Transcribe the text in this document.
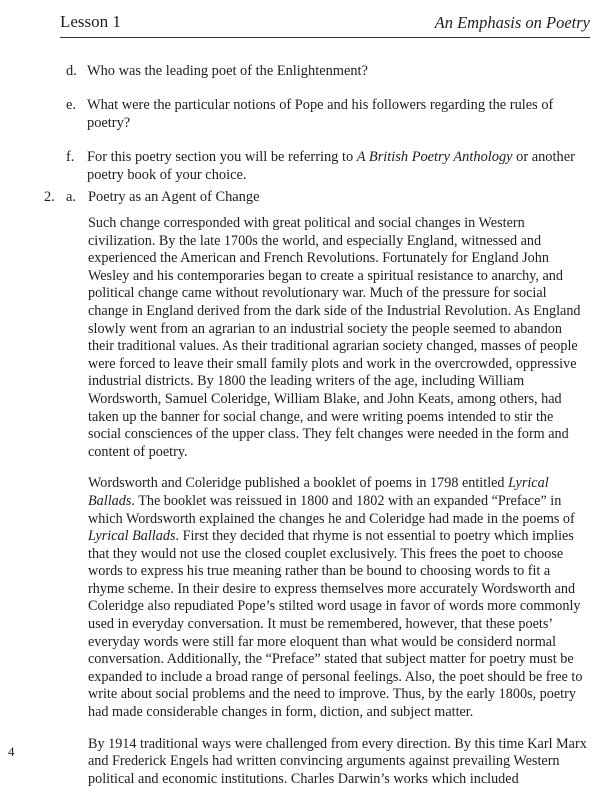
Lesson 1	An Emphasis on Poetry
d. Who was the leading poet of the Enlightenment?
e. What were the particular notions of Pope and his followers regarding the rules of poetry?
f. For this poetry section you will be referring to A British Poetry Anthology or another poetry book of your choice.
2. a. Poetry as an Agent of Change

Such change corresponded with great political and social changes in Western civilization. By the late 1700s the world, and especially England, witnessed and experienced the American and French Revolutions. Fortunately for England John Wesley and his contemporaries began to create a spiritual resistance to anarchy, and political change came without revolutionary war. Much of the pressure for social change in England derived from the dark side of the Industrial Revolution. As England slowly went from an agrarian to an industrial society the people seemed to abandon their traditional values. As their traditional agrarian society changed, masses of people were forced to leave their small family plots and work in the overcrowded, oppressive industrial districts. By 1800 the leading writers of the age, including William Wordsworth, Samuel Coleridge, William Blake, and John Keats, among others, had taken up the banner for social change, and were writing poems intended to stir the social consciences of the upper class. They felt changes were needed in the form and content of poetry.

Wordsworth and Coleridge published a booklet of poems in 1798 entitled Lyrical Ballads. The booklet was reissued in 1800 and 1802 with an expanded “Preface” in which Wordsworth explained the changes he and Coleridge had made in the poems of Lyrical Ballads. First they decided that rhyme is not essential to poetry which implies that they would not use the closed couplet exclusively. This frees the poet to choose words to express his true meaning rather than be bound to choosing words to fit a rhyme scheme. In their desire to express themselves more accurately Wordsworth and Coleridge also repudiated Pope’s stilted word usage in favor of words more commonly used in everyday conversation. It must be remembered, however, that these poets’ everyday words were still far more eloquent than what would be considerd normal conversation. Additionally, the “Preface” stated that subject matter for poetry must be expanded to include a broad range of personal feelings. Also, the poet should be free to write about social problems and the need to improve. Thus, by the early 1800s, poetry had made considerable changes in form, diction, and subject matter.

By 1914 traditional ways were challenged from every direction. By this time Karl Marx and Frederick Engels had written convincing arguments against prevailing Western political and economic institutions. Charles Darwin’s works which included

4
